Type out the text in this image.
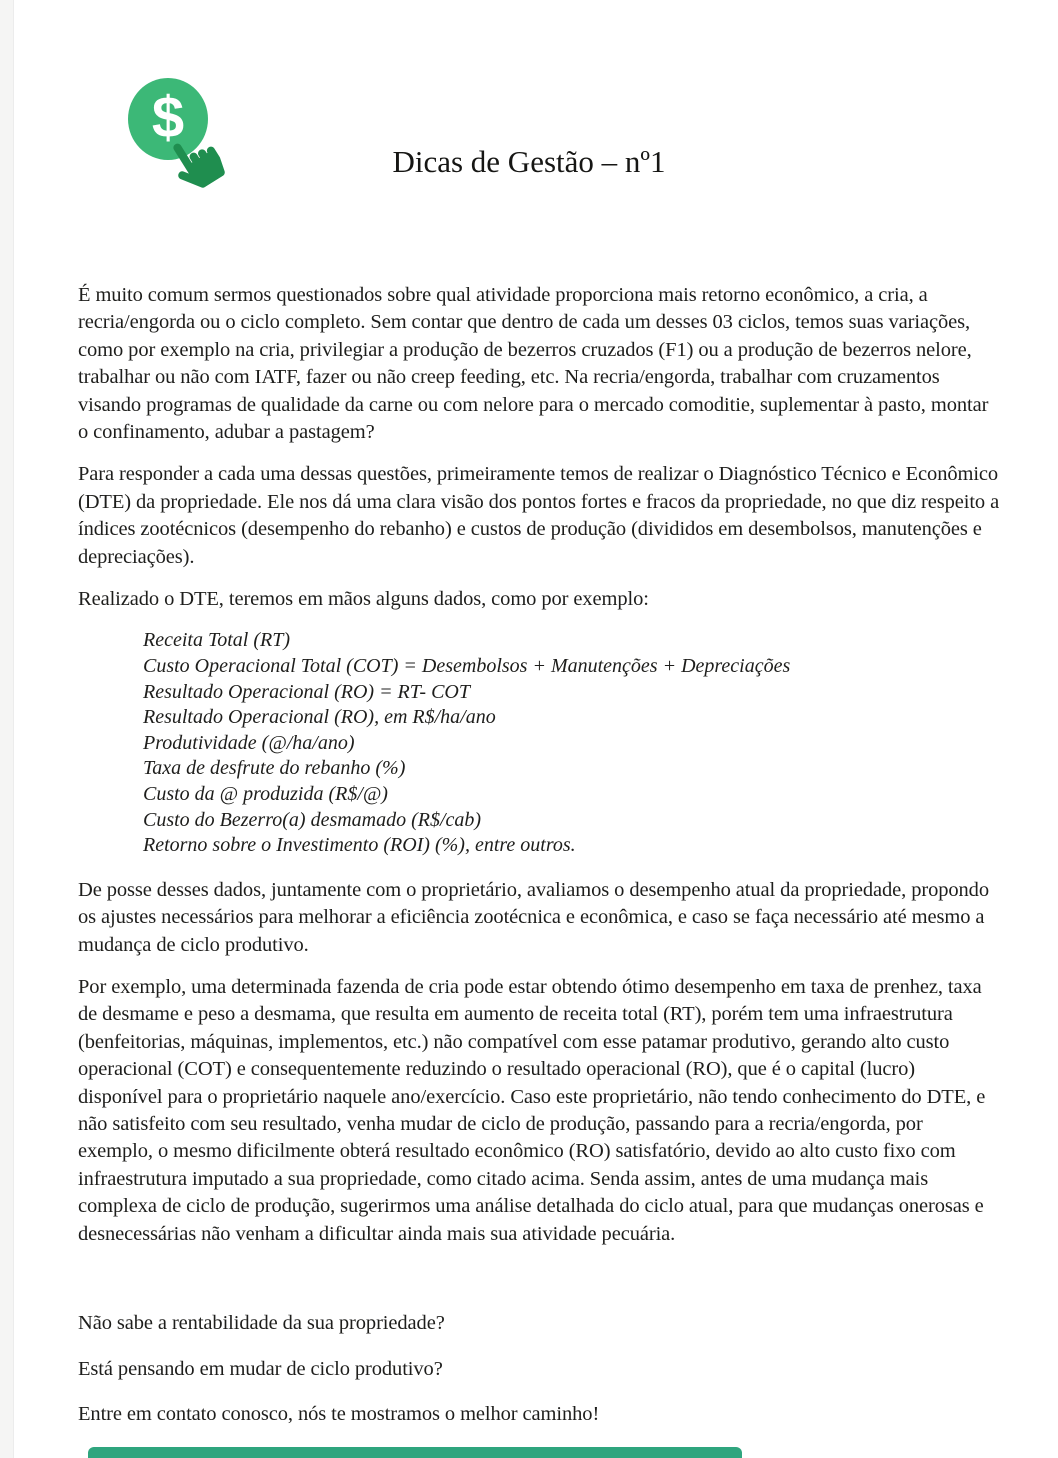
$
Dicas de Gestão – nº1

É muito comum sermos questionados sobre qual atividade proporciona mais retorno econômico, a cria, a recria/engorda ou o ciclo completo. Sem contar que dentro de cada um desses 03 ciclos, temos suas variações, como por exemplo na cria, privilegiar a produção de bezerros cruzados (F1) ou a produção de bezerros nelore, trabalhar ou não com IATF, fazer ou não creep feeding, etc. Na recria/engorda, trabalhar com cruzamentos visando programas de qualidade da carne ou com nelore para o mercado comoditie, suplementar à pasto, montar o confinamento, adubar a pastagem?

Para responder a cada uma dessas questões, primeiramente temos de realizar o Diagnóstico Técnico e Econômico (DTE) da propriedade. Ele nos dá uma clara visão dos pontos fortes e fracos da propriedade, no que diz respeito a índices zootécnicos (desempenho do rebanho) e custos de produção (divididos em desembolsos, manutenções e depreciações).

Realizado o DTE, teremos em mãos alguns dados, como por exemplo:

Receita Total (RT)

Custo Operacional Total (COT) = Desembolsos + Manutenções + Depreciações

Resultado Operacional (RO) = RT- COT

Resultado Operacional (RO), em R$/ha/ano

Produtividade (@/ha/ano)

Taxa de desfrute do rebanho (%)

Custo da @ produzida (R$/@)

Custo do Bezerro(a) desmamado (R$/cab)

Retorno sobre o Investimento (ROI) (%), entre outros.

De posse desses dados, juntamente com o proprietário, avaliamos o desempenho atual da propriedade, propondo os ajustes necessários para melhorar a eficiência zootécnica e econômica, e caso se faça necessário até mesmo a mudança de ciclo produtivo.

Por exemplo, uma determinada fazenda de cria pode estar obtendo ótimo desempenho em taxa de prenhez, taxa de desmame e peso a desmama, que resulta em aumento de receita total (RT), porém tem uma infraestrutura (benfeitorias, máquinas, implementos, etc.) não compatível com esse patamar produtivo, gerando alto custo operacional (COT) e consequentemente reduzindo o resultado operacional (RO), que é o capital (lucro) disponível para o proprietário naquele ano/exercício. Caso este proprietário, não tendo conhecimento do DTE, e não satisfeito com seu resultado, venha mudar de ciclo de produção, passando para a recria/engorda, por exemplo, o mesmo dificilmente obterá resultado econômico (RO) satisfatório, devido ao alto custo fixo com infraestrutura imputado a sua propriedade, como citado acima. Senda assim, antes de uma mudança mais complexa de ciclo de produção, sugerirmos uma análise detalhada do ciclo atual, para que mudanças onerosas e desnecessárias não venham a dificultar ainda mais sua atividade pecuária.

Não sabe a rentabilidade da sua propriedade?

Está pensando em mudar de ciclo produtivo?

Entre em contato conosco, nós te mostramos o melhor caminho!
